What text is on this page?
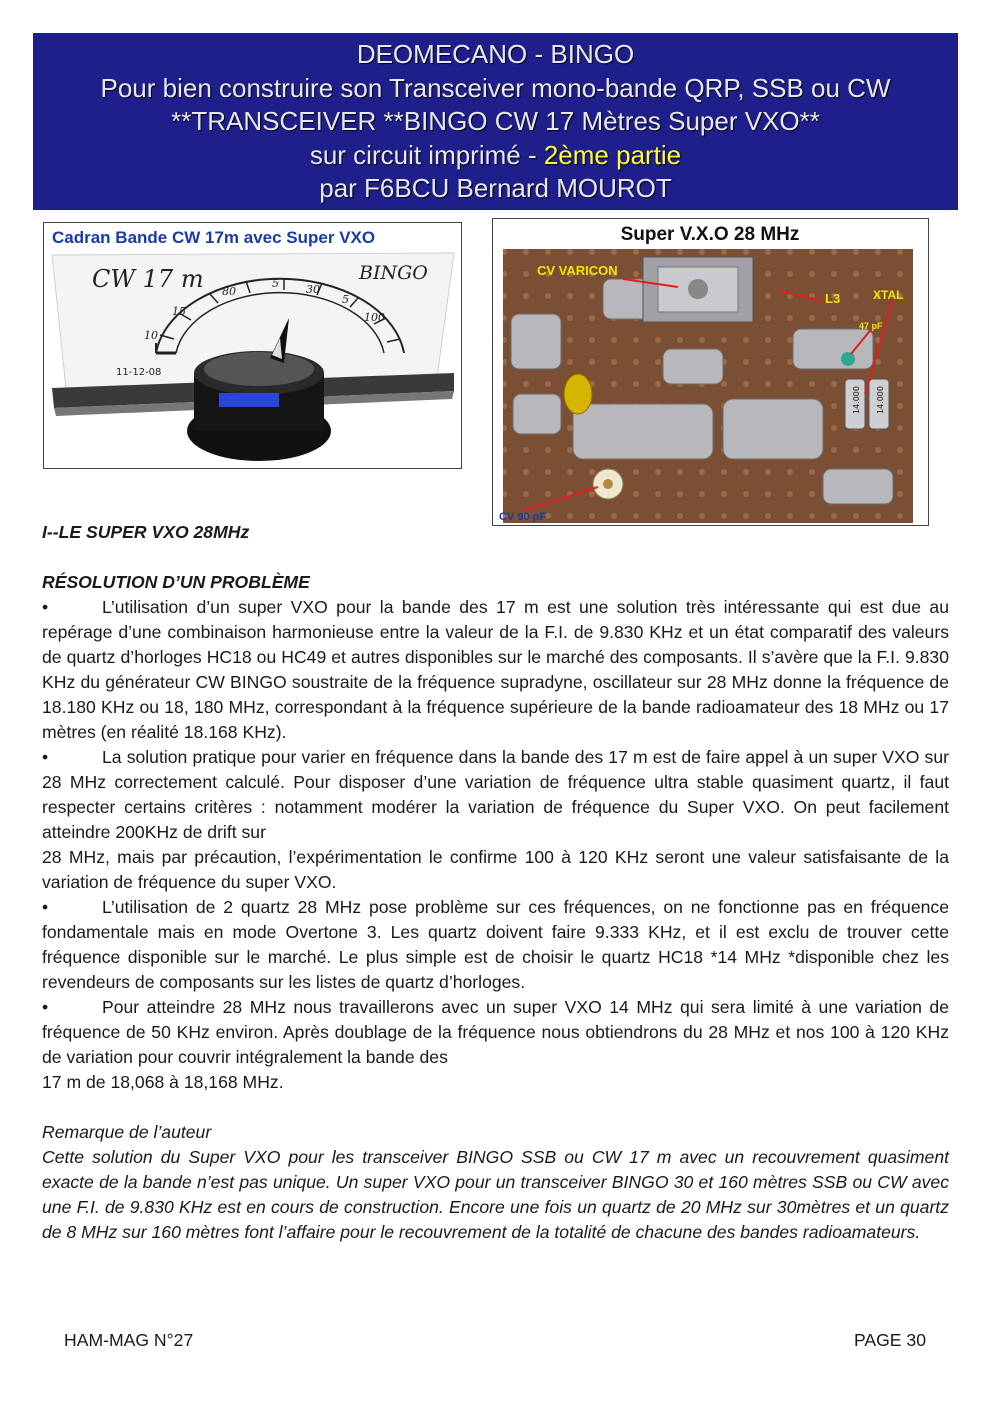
DEOMECANO - BINGO
Pour bien construire son Transceiver mono-bande QRP, SSB ou CW
**TRANSCEIVER **BINGO CW 17 Mètres Super VXO**
sur circuit imprimé - 2ème partie
par F6BCU Bernard MOUROT
CW 17 m	BINGO
11-12-08
10
15
80
5 30
5
100
Cadran Bande CW 17m avec Super VXO	Super V.X.O 28 MHz
14.000 14.000
CV VARICON
L3	XTAL
47 pF
CV 90 pF

I--LE SUPER VXO 28MHz

RÉSOLUTION D’UN PROBLÈME

•	L’utilisation d’un super VXO pour la bande des 17 m est une solution très intéressante qui est due au repérage d’une combinaison harmonieuse entre la valeur de la F.I. de 9.830 KHz et un état comparatif des valeurs de quartz d’horloges HC18 ou HC49 et autres disponibles sur le marché des composants. Il s’avère que la F.I. 9.830 KHz du générateur CW BINGO soustraite de la fréquence supradyne, oscillateur sur 28 MHz donne la fréquence de 18.180 KHz ou 18, 180 MHz, correspondant à la fréquence supérieure de la bande radioamateur des 18 MHz ou 17 mètres (en réalité 18.168 KHz).

•	La solution pratique pour varier en fréquence dans la bande des 17 m est de faire appel à un super VXO sur 28 MHz correctement calculé. Pour disposer d’une variation de fréquence ultra stable quasiment quartz, il faut respecter certains critères : notamment modérer la variation de fréquence du Super VXO. On peut facilement atteindre 200KHz de drift sur

28 MHz, mais par précaution, l’expérimentation le confirme 100 à 120 KHz seront une valeur satisfaisante de la variation de fréquence du super VXO.

•	L’utilisation de 2 quartz 28 MHz pose problème sur ces fréquences, on ne fonctionne pas en fréquence fondamentale mais en mode Overtone 3. Les quartz doivent faire 9.333 KHz, et il est exclu de trouver cette fréquence disponible sur le marché. Le plus simple est de choisir le quartz HC18 *14 MHz *disponible chez les revendeurs de composants sur les listes de quartz d’horloges.

•	Pour atteindre 28 MHz nous travaillerons avec un super VXO 14 MHz qui sera limité à une variation de fréquence de 50 KHz environ. Après doublage de la fréquence nous obtiendrons du 28 MHz et nos 100 à 120 KHz de variation pour couvrir intégralement la bande des

17 m de 18,068 à 18,168 MHz.

Remarque de l’auteur

Cette solution du Super VXO pour les transceiver BINGO SSB ou CW 17 m avec un recouvrement quasiment exacte de la bande n’est pas unique. Un super VXO pour un transceiver BINGO 30 et 160 mètres SSB ou CW avec une F.I. de 9.830 KHz est en cours de construction. Encore une fois un quartz de 20 MHz sur 30mètres et un quartz de 8 MHz sur 160 mètres font l’affaire pour le recouvrement de la totalité de chacune des bandes radioamateurs.

HAM-MAG N°27	PAGE 30
